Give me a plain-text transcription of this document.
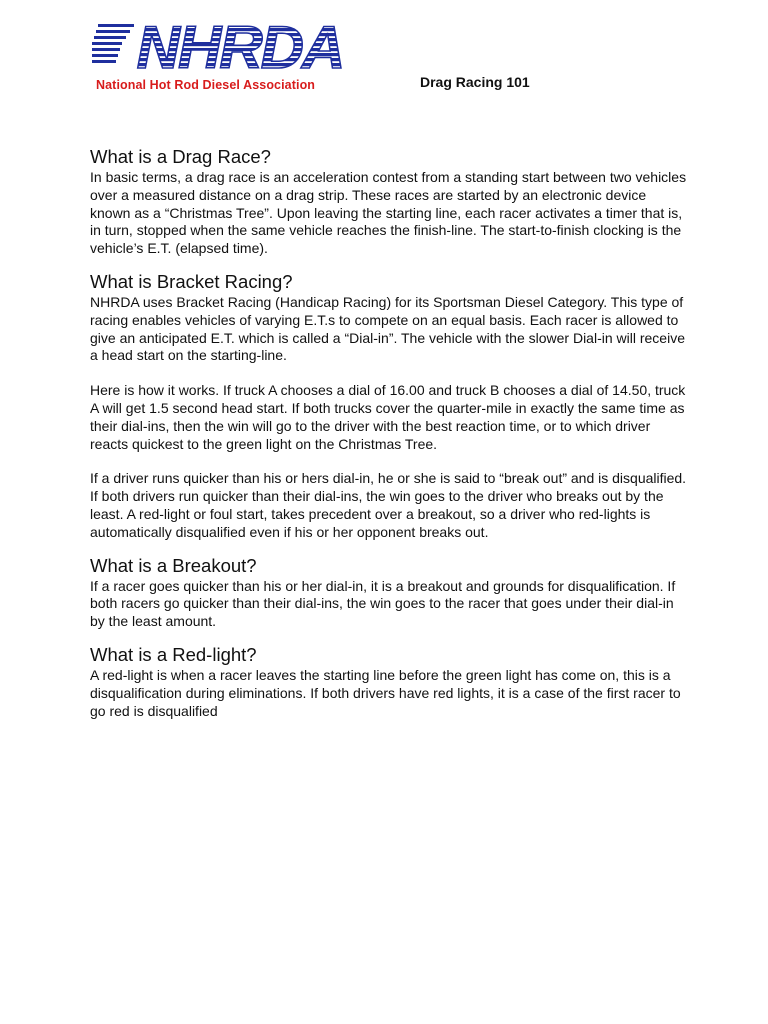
NHRDA
National Hot Rod Diesel Association	Drag Racing 101
What is a Drag Race?

In basic terms, a drag race is an acceleration contest from a standing start between two vehicles over a measured distance on a drag strip. These races are started by an electronic device known as a “Christmas Tree”. Upon leaving the starting line, each racer activates a timer that is, in turn, stopped when the same vehicle reaches the finish-line. The start-to-finish clocking is the vehicle’s E.T. (elapsed time).

What is Bracket Racing?

NHRDA uses Bracket Racing (Handicap Racing) for its Sportsman Diesel Category. This type of racing enables vehicles of varying E.T.s to compete on an equal basis. Each racer is allowed to give an anticipated E.T. which is called a “Dial-in”. The vehicle with the slower Dial-in will receive a head start on the starting-line.

Here is how it works. If truck A chooses a dial of 16.00 and truck B chooses a dial of 14.50, truck A will get 1.5 second head start. If both trucks cover the quarter-mile in exactly the same time as their dial-ins, then the win will go to the driver with the best reaction time, or to which driver reacts quickest to the green light on the Christmas Tree.

If a driver runs quicker than his or hers dial-in, he or she is said to “break out” and is disqualified. If both drivers run quicker than their dial-ins, the win goes to the driver who breaks out by the least. A red-light or foul start, takes precedent over a breakout, so a driver who red-lights is automatically disqualified even if his or her opponent breaks out.

What is a Breakout?

If a racer goes quicker than his or her dial-in, it is a breakout and grounds for disqualification. If both racers go quicker than their dial-ins, the win goes to the racer that goes under their dial-in by the least amount.

What is a Red-light?

A red-light is when a racer leaves the starting line before the green light has come on, this is a disqualification during eliminations. If both drivers have red lights, it is a case of the first racer to go red is disqualified
